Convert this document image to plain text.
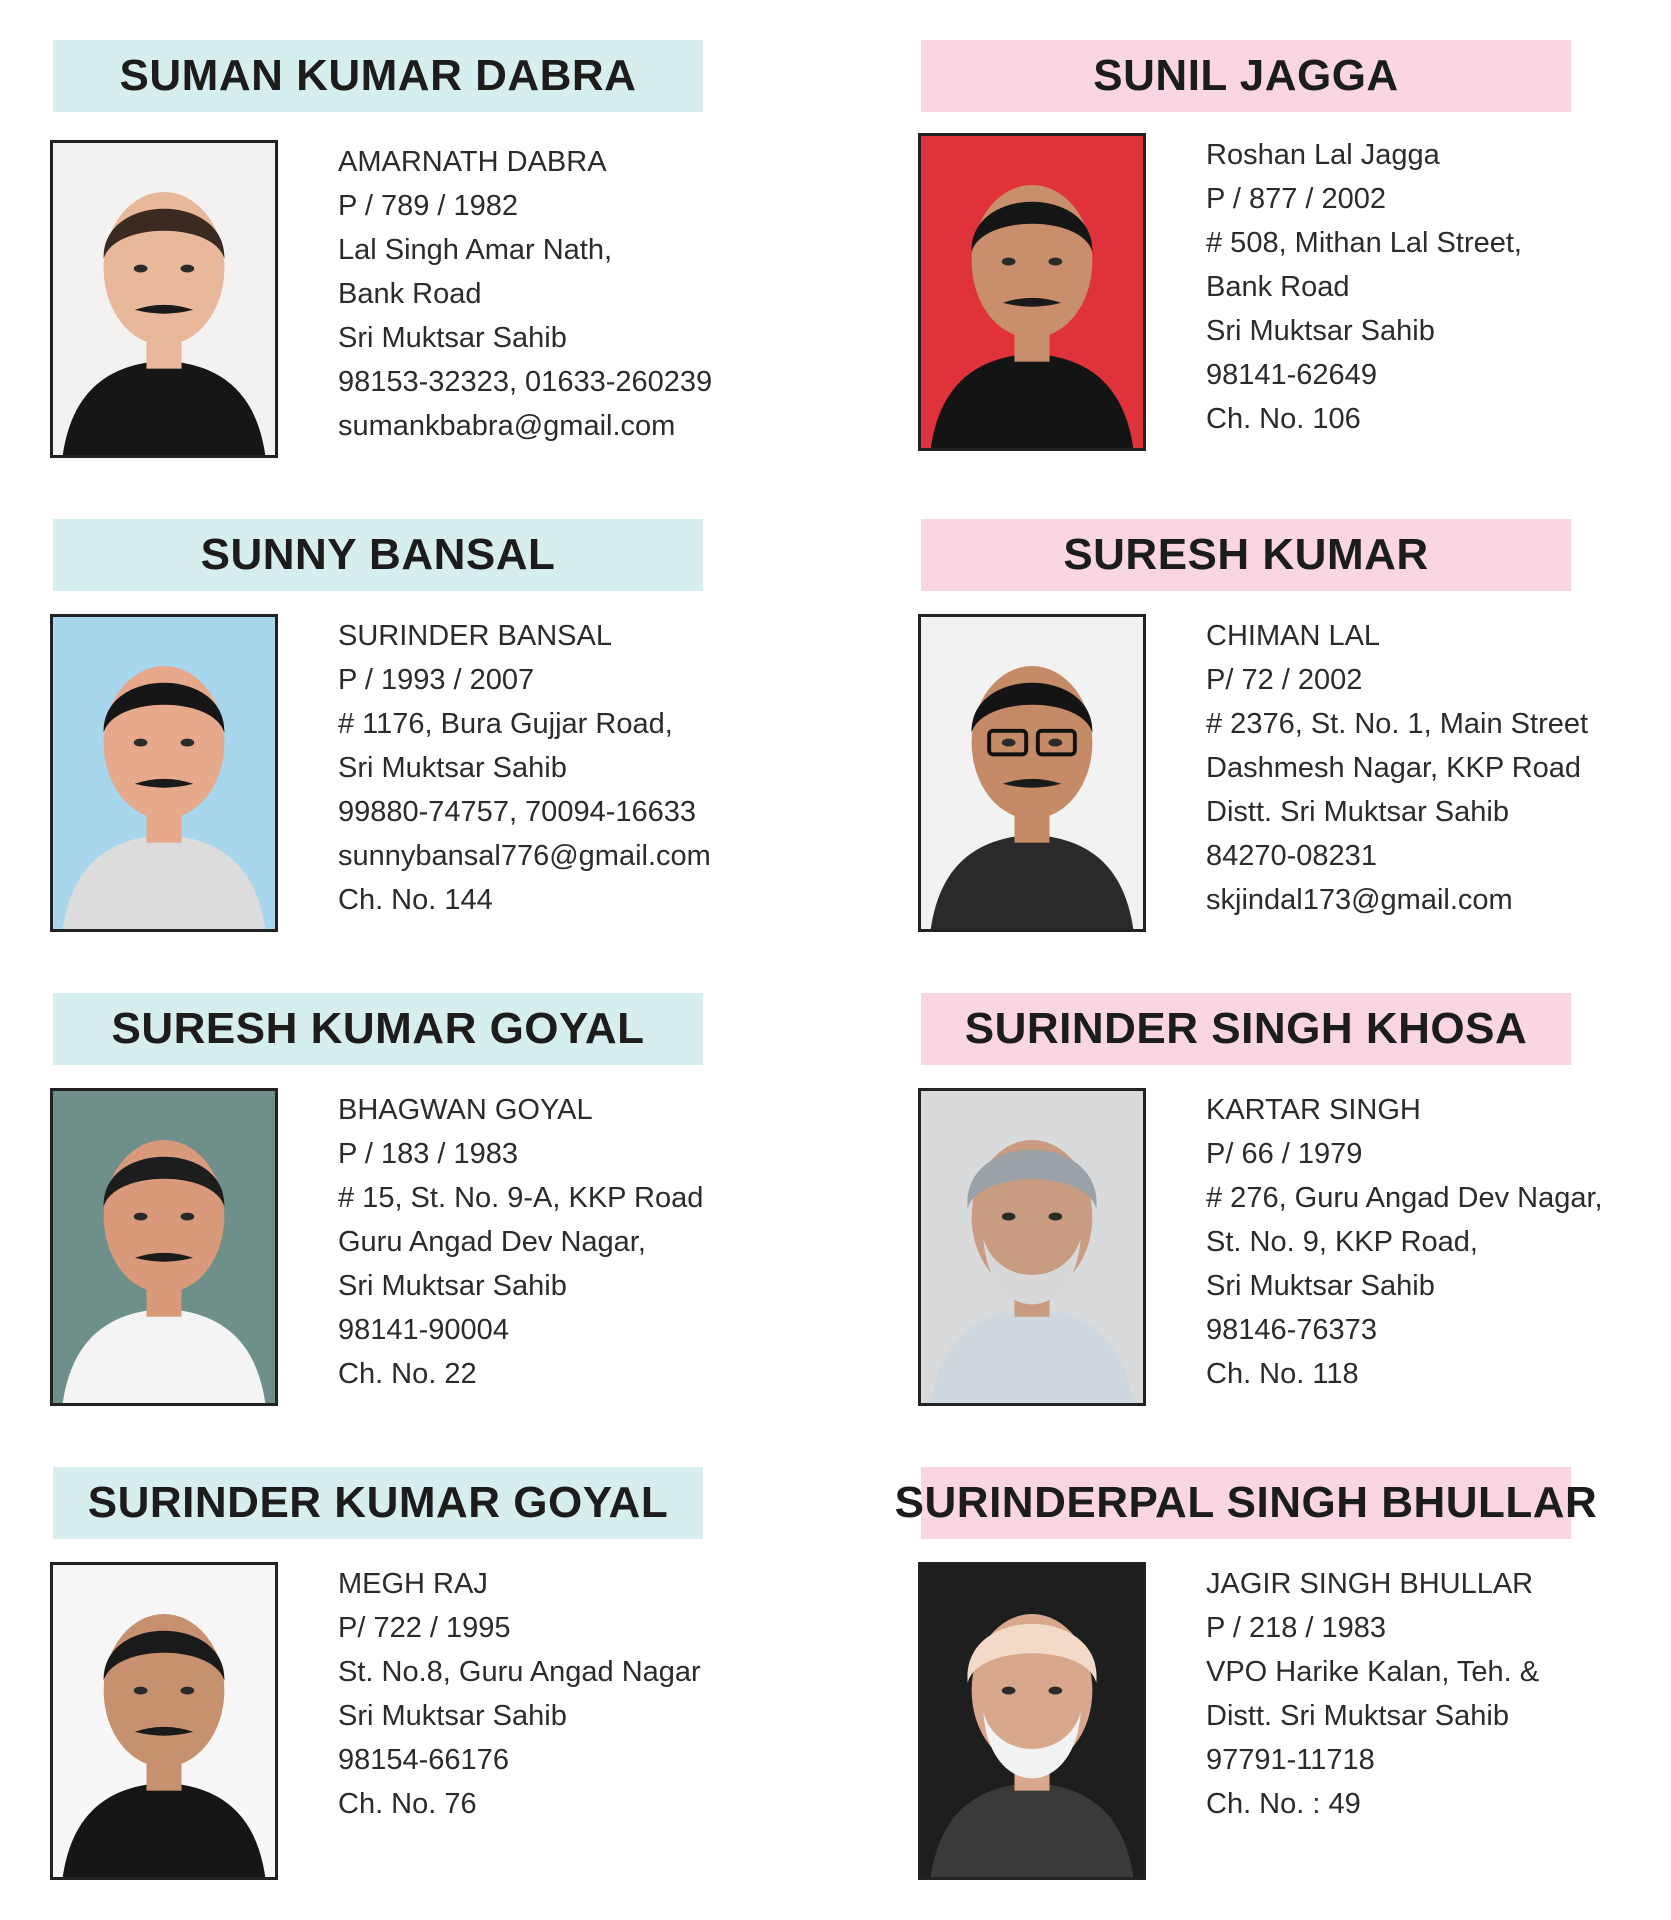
SUMAN KUMAR DABRA
AMARNATH DABRA
P / 789 / 1982
Lal Singh Amar Nath,
Bank Road
Sri Muktsar Sahib
98153-32323, 01633-260239
sumankbabra@gmail.com
SUNIL JAGGA
Roshan Lal Jagga
P / 877 / 2002
# 508, Mithan Lal Street,
Bank Road
Sri Muktsar Sahib
98141-62649
Ch. No. 106
SUNNY BANSAL
SURINDER BANSAL
P / 1993 / 2007
# 1176, Bura Gujjar Road,
Sri Muktsar Sahib
99880-74757, 70094-16633
sunnybansal776@gmail.com
Ch. No. 144
SURESH KUMAR
CHIMAN LAL
P/ 72 / 2002
# 2376, St. No. 1, Main Street
Dashmesh Nagar, KKP Road
Distt. Sri Muktsar Sahib
84270-08231
skjindal173@gmail.com
SURESH KUMAR GOYAL
BHAGWAN GOYAL
P / 183 / 1983
# 15, St. No. 9-A, KKP Road
Guru Angad Dev Nagar,
Sri Muktsar Sahib
98141-90004
Ch. No. 22
SURINDER SINGH KHOSA
KARTAR SINGH
P/ 66 / 1979
# 276, Guru Angad Dev Nagar,
St. No. 9, KKP Road,
Sri Muktsar Sahib
98146-76373
Ch. No. 118
SURINDER KUMAR GOYAL
MEGH RAJ
P/ 722 / 1995
St. No.8, Guru Angad Nagar
Sri Muktsar Sahib
98154-66176
Ch. No. 76
SURINDERPAL SINGH BHULLAR
JAGIR SINGH BHULLAR
P / 218 / 1983
VPO Harike Kalan, Teh. &
Distt. Sri Muktsar Sahib
97791-11718
Ch. No. : 49
